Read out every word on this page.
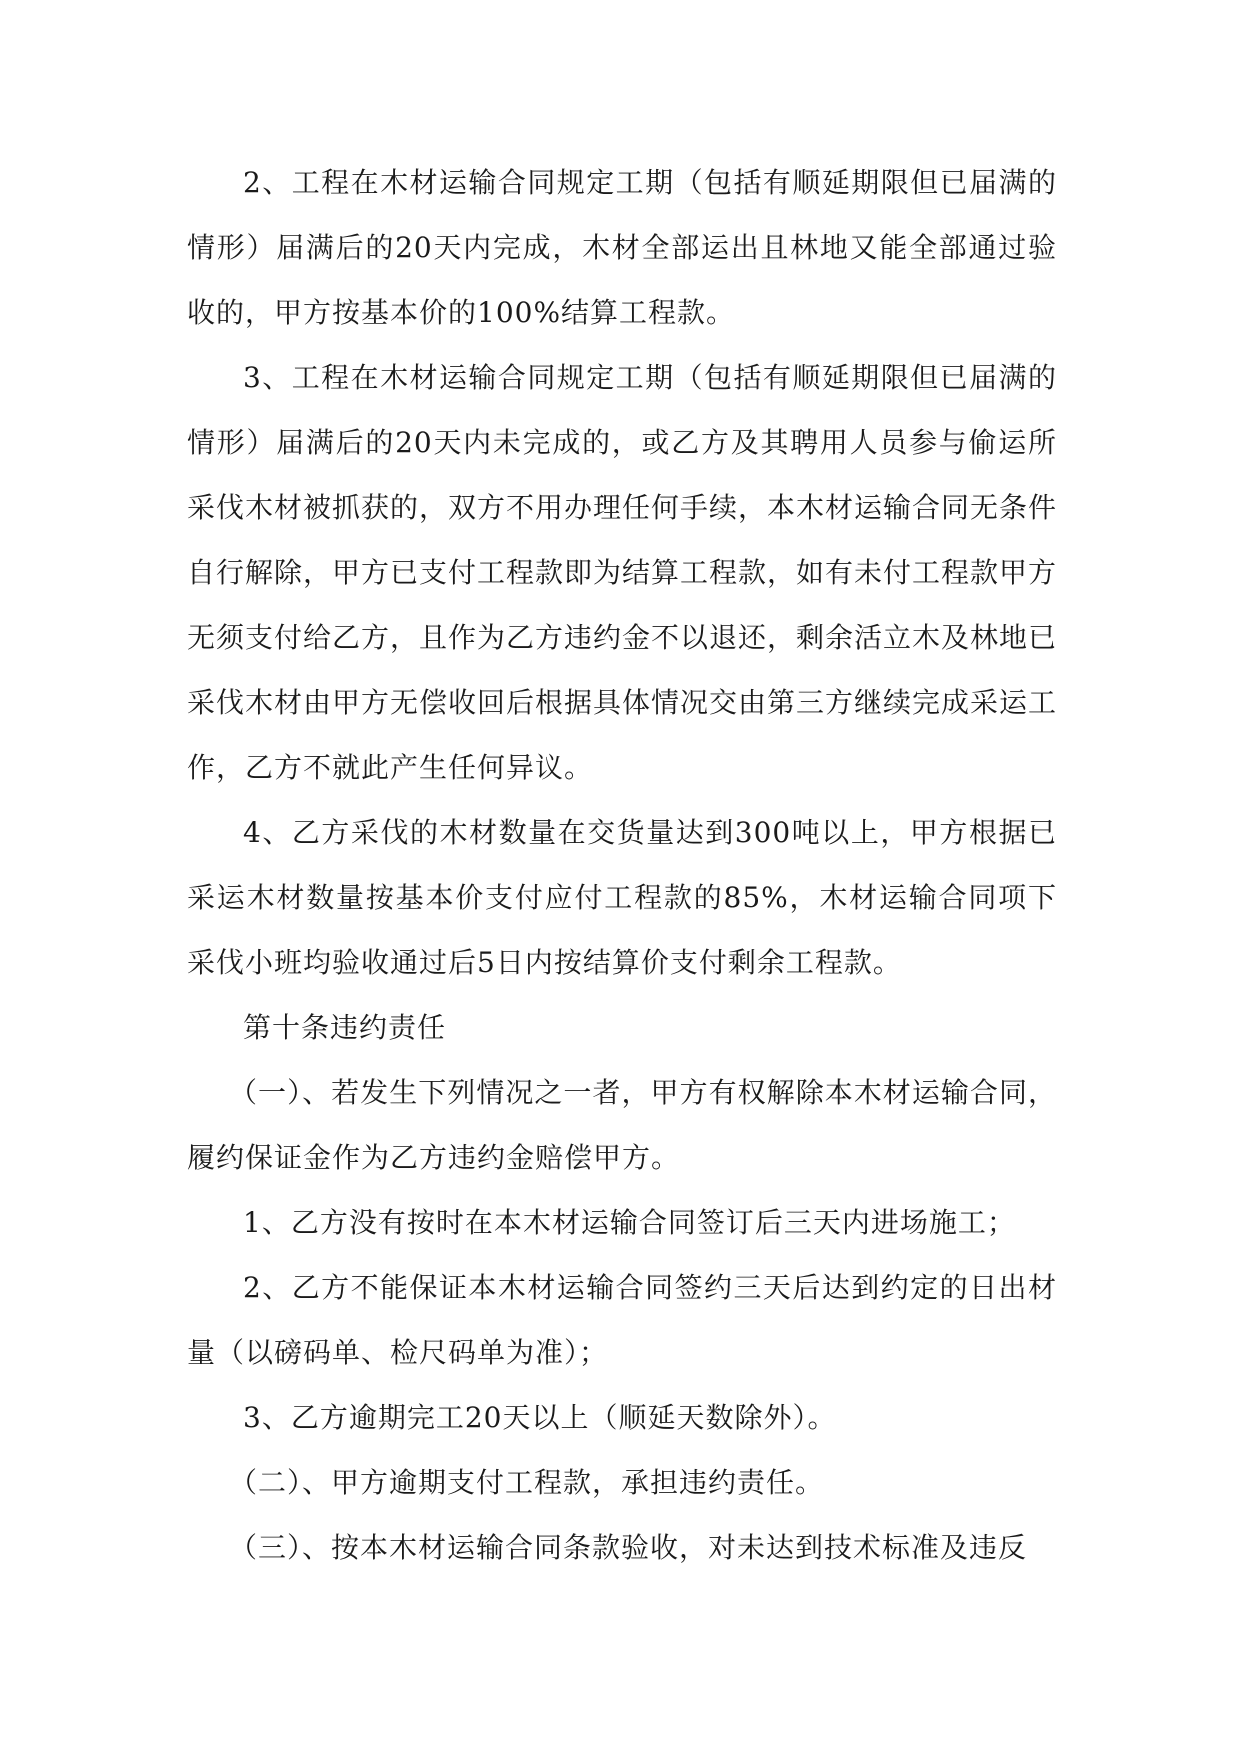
2、工程在木材运输合同规定工期（包括有顺延期限但已届满的情形）届满后的20天内完成，木材全部运出且林地又能全部通过验收的，甲方按基本价的100%结算工程款。

3、工程在木材运输合同规定工期（包括有顺延期限但已届满的情形）届满后的20天内未完成的，或乙方及其聘用人员参与偷运所采伐木材被抓获的，双方不用办理任何手续，本木材运输合同无条件自行解除，甲方已支付工程款即为结算工程款，如有未付工程款甲方无须支付给乙方，且作为乙方违约金不以退还，剩余活立木及林地已采伐木材由甲方无偿收回后根据具体情况交由第三方继续完成采运工作，乙方不就此产生任何异议。

4、乙方采伐的木材数量在交货量达到300吨以上，甲方根据已采运木材数量按基本价支付应付工程款的85%，木材运输合同项下采伐小班均验收通过后5日内按结算价支付剩余工程款。

第十条违约责任

（一）、若发生下列情况之一者，甲方有权解除本木材运输合同，履约保证金作为乙方违约金赔偿甲方。

1、乙方没有按时在本木材运输合同签订后三天内进场施工；

2、乙方不能保证本木材运输合同签约三天后达到约定的日出材量（以磅码单、检尺码单为准）；

3、乙方逾期完工20天以上（顺延天数除外）。

（二）、甲方逾期支付工程款，承担违约责任。

（三）、按本木材运输合同条款验收，对未达到技术标准及违反
